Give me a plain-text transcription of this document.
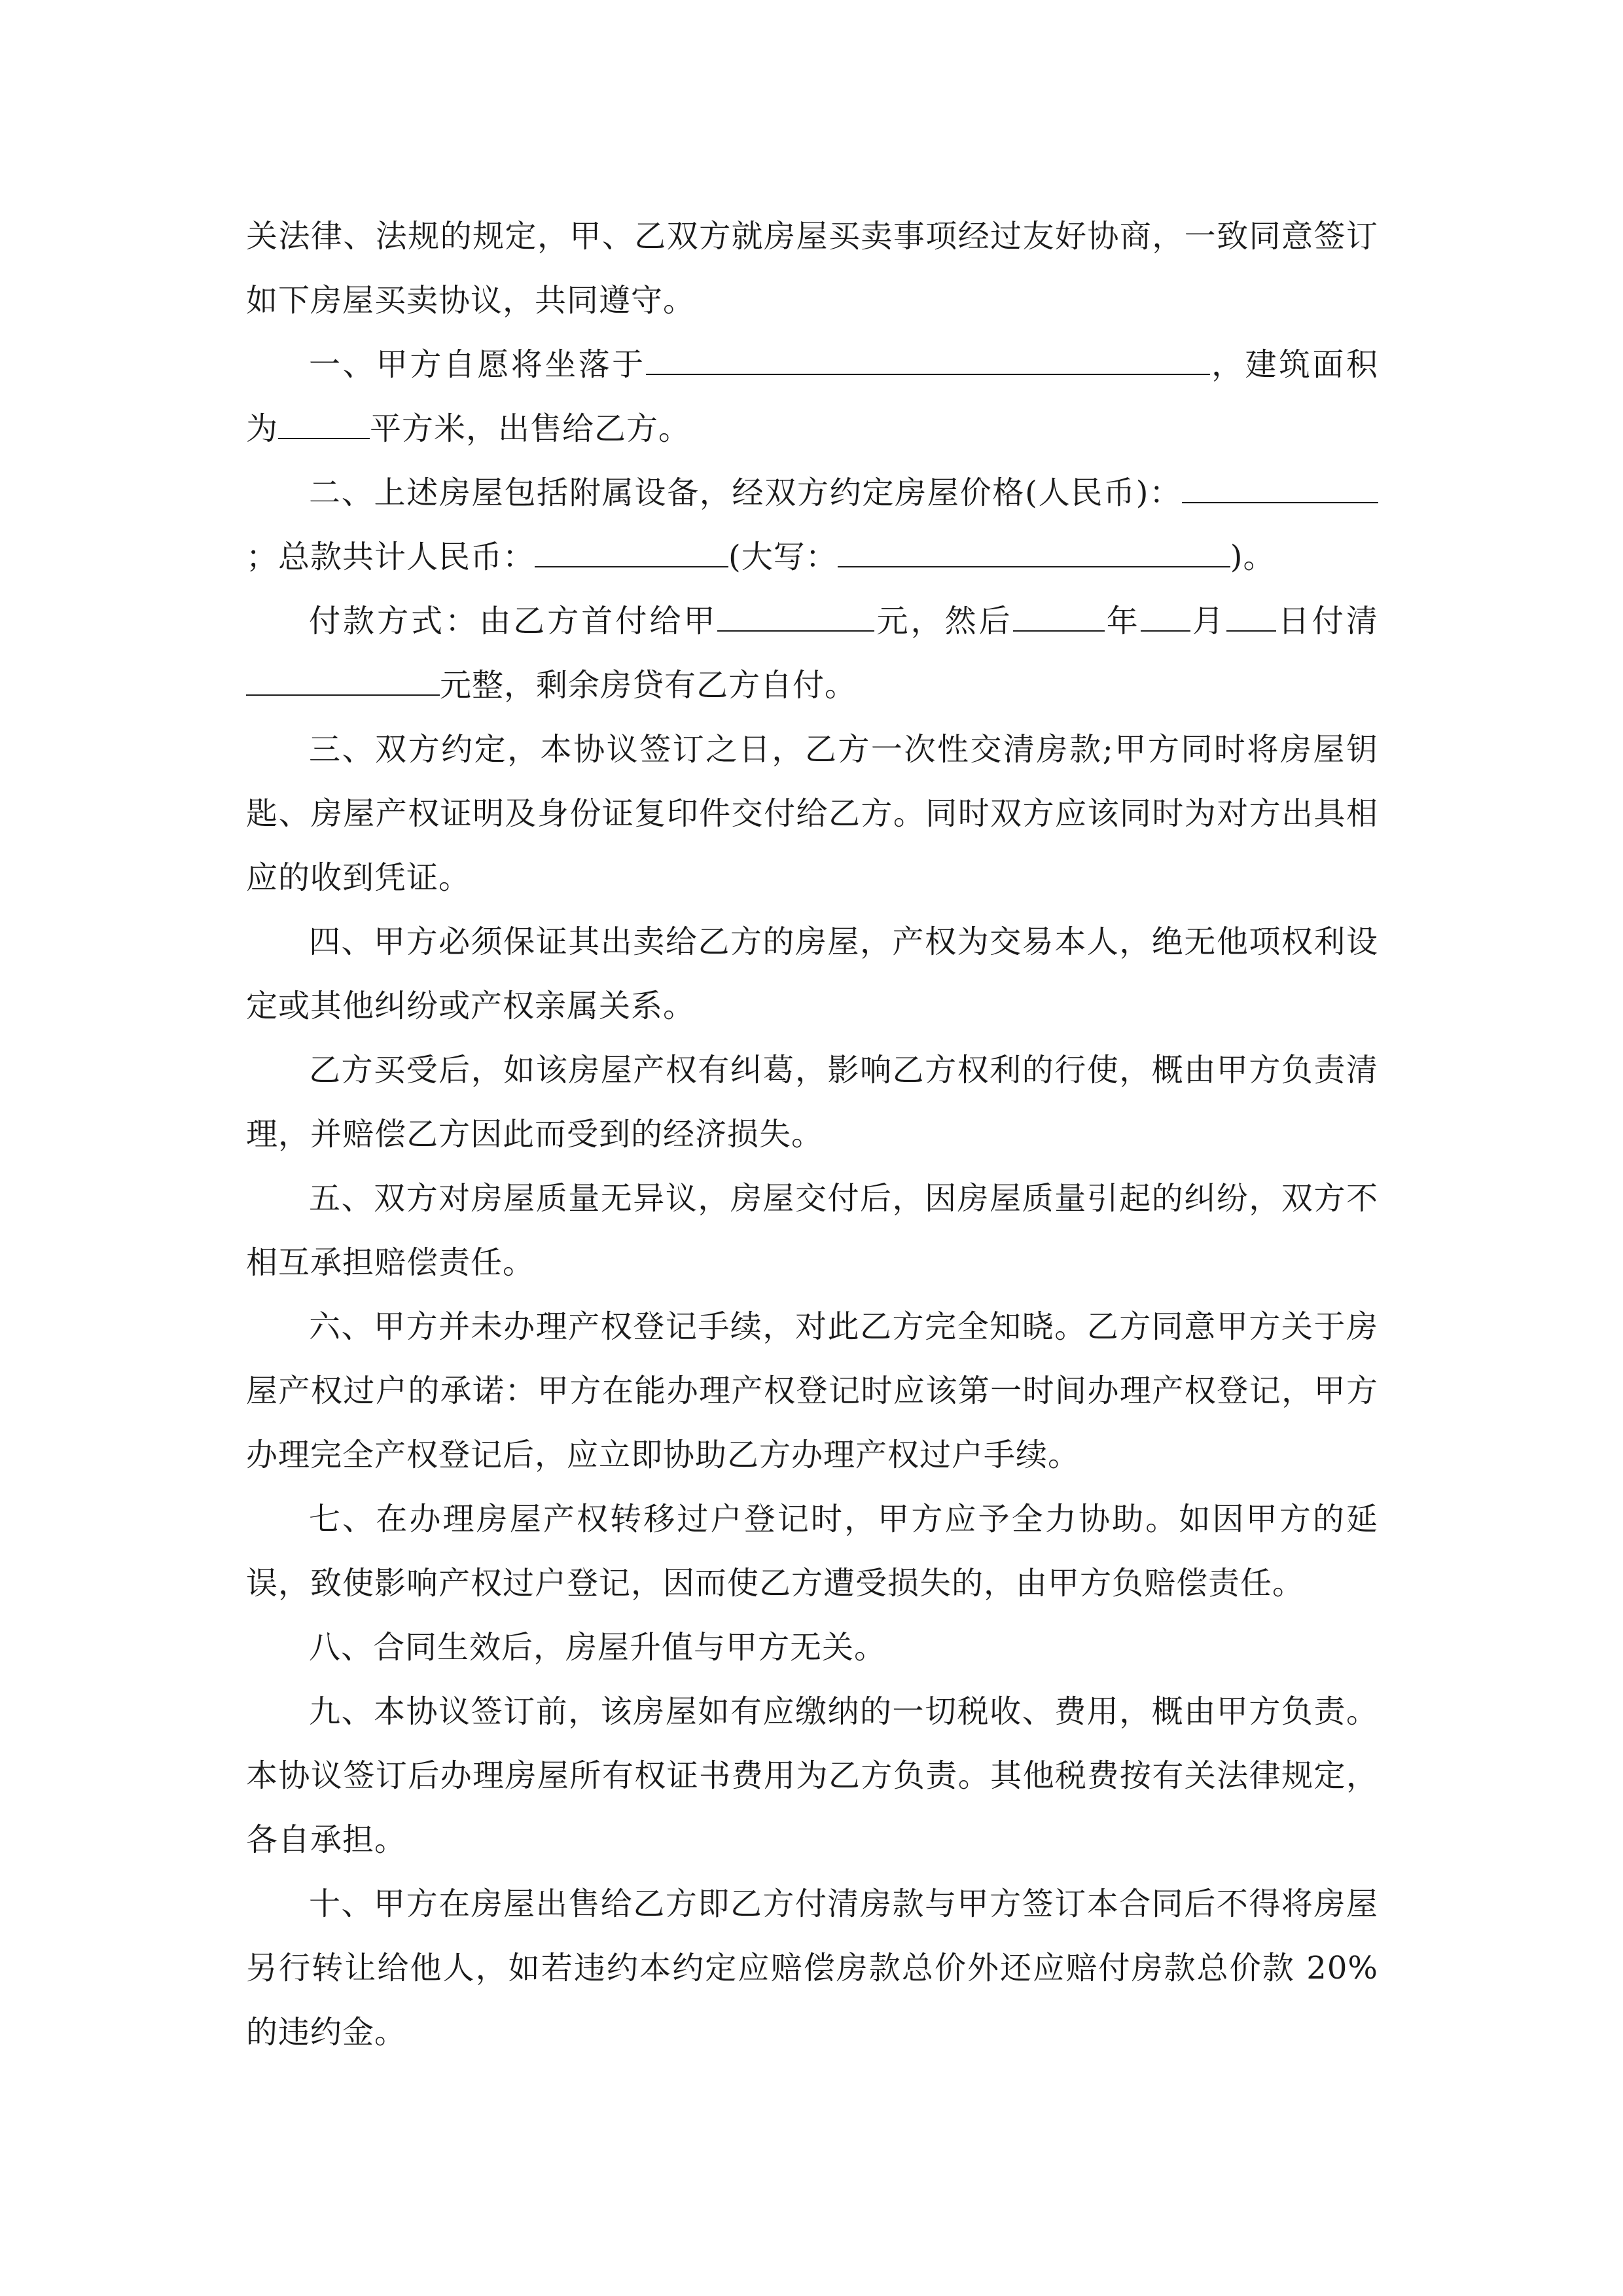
关法律、法规的规定，甲、乙双方就房屋买卖事项经过友好协商，一致同意签订如下房屋买卖协议，共同遵守。

一、甲方自愿将坐落于	，建筑面积为	平方米，出售给乙方。

二、上述房屋包括附属设备，经双方约定房屋价格(人民币)：；总款共计人民币：	(大写：	)。

付款方式：由乙方首付给甲	元，然后	年 月 日付清元整，剩余房贷有乙方自付。

三、双方约定，本协议签订之日，乙方一次性交清房款;甲方同时将房屋钥匙、房屋产权证明及身份证复印件交付给乙方。同时双方应该同时为对方出具相应的收到凭证。

四、甲方必须保证其出卖给乙方的房屋，产权为交易本人，绝无他项权利设定或其他纠纷或产权亲属关系。

乙方买受后，如该房屋产权有纠葛，影响乙方权利的行使，概由甲方负责清理，并赔偿乙方因此而受到的经济损失。

五、双方对房屋质量无异议，房屋交付后，因房屋质量引起的纠纷，双方不相互承担赔偿责任。

六、甲方并未办理产权登记手续，对此乙方完全知晓。乙方同意甲方关于房屋产权过户的承诺：甲方在能办理产权登记时应该第一时间办理产权登记，甲方办理完全产权登记后，应立即协助乙方办理产权过户手续。

七、在办理房屋产权转移过户登记时，甲方应予全力协助。如因甲方的延误，致使影响产权过户登记，因而使乙方遭受损失的，由甲方负赔偿责任。

八、合同生效后，房屋升值与甲方无关。

九、本协议签订前，该房屋如有应缴纳的一切税收、费用，概由甲方负责。本协议签订后办理房屋所有权证书费用为乙方负责。其他税费按有关法律规定，各自承担。

十、甲方在房屋出售给乙方即乙方付清房款与甲方签订本合同后不得将房屋另行转让给他人，如若违约本约定应赔偿房款总价外还应赔付房款总价款 20%的违约金。
